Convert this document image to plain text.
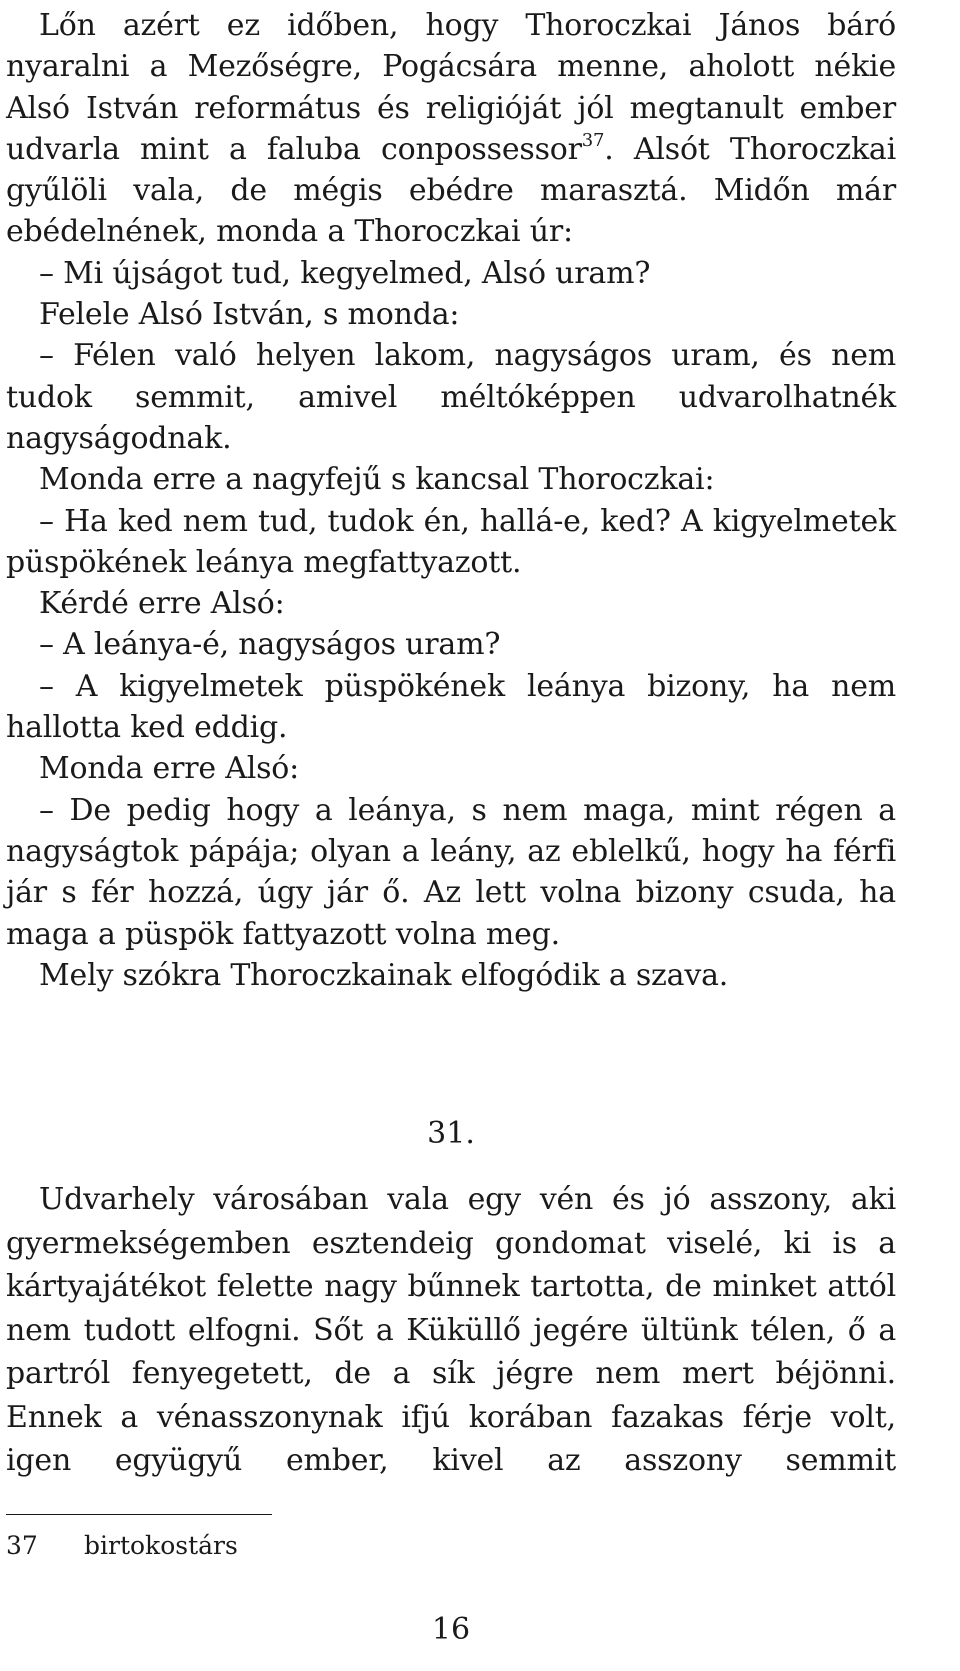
Lőn azért ez időben, hogy Thoroczkai János báró nyaralni a Mezőségre, Pogácsára menne, aholott nékie Alsó István református és religióját jól megtanult ember udvarla mint a faluba conpossessor$^{37}$. Alsót Thoroczkai gyűlöli vala, de mégis ebédre marasztá. Midőn már ebédelnének, monda a Thoroczkai úr:

– Mi újságot tud, kegyelmed, Alsó uram?

Felele Alsó István, s monda:

– Félen való helyen lakom, nagyságos uram, és nem tudok semmit, amivel méltóképpen udvarolhatnék nagyságodnak.

Monda erre a nagyfejű s kancsal Thoroczkai:

– Ha ked nem tud, tudok én, hallá-e, ked? A kigyelmetek püspökének leánya megfattyazott.

Kérdé erre Alsó:

– A leánya-é, nagyságos uram?

– A kigyelmetek püspökének leánya bizony, ha nem hallotta ked eddig.

Monda erre Alsó:

– De pedig hogy a leánya, s nem maga, mint régen a nagyságtok pápája; olyan a leány, az eblelkű, hogy ha férfi jár s fér hozzá, úgy jár ő. Az lett volna bizony csuda, ha maga a püspök fattyazott volna meg.

Mely szókra Thoroczkainak elfogódik a szava.

31.

Udvarhely városában vala egy vén és jó asszony, aki gyermekségemben esztendeig gondomat viselé, ki is a kártyajátékot felette nagy bűnnek tartotta, de minket attól nem tudott elfogni. Sőt a Küküllő jegére ültünk télen, ő a partról fenyegetett, de a sík jégre nem mert béjönni. Ennek a vénasszonynak ifjú korában fazakas férje volt, igen együgyű ember, kivel az asszony semmit

37 birtokostárs
16
